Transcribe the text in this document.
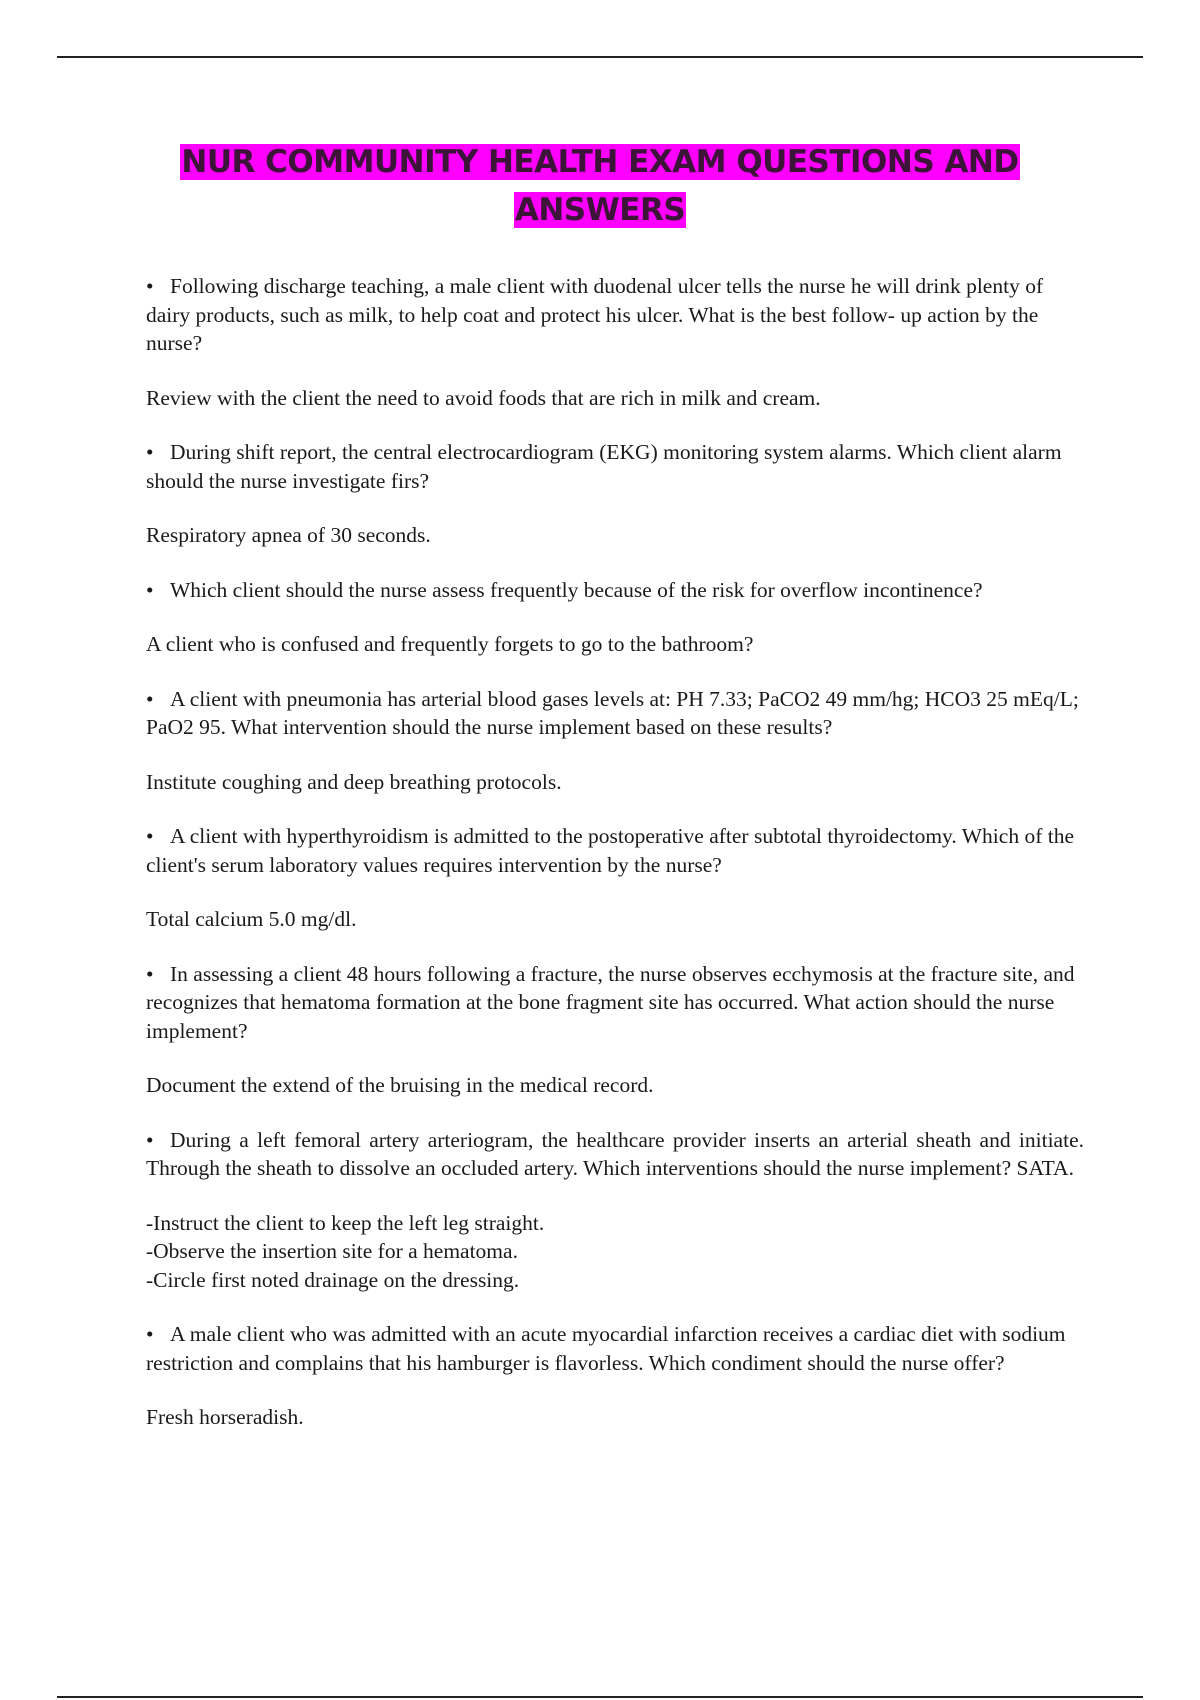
NUR COMMUNITY HEALTH EXAM QUESTIONS AND
ANSWERS

• Following discharge teaching, a male client with duodenal ulcer tells the nurse he will drink plenty of dairy products, such as milk, to help coat and protect his ulcer. What is the best follow- up action by the nurse?

Review with the client the need to avoid foods that are rich in milk and cream.

• During shift report, the central electrocardiogram (EKG) monitoring system alarms. Which client alarm should the nurse investigate firs?

Respiratory apnea of 30 seconds.

• Which client should the nurse assess frequently because of the risk for overflow incontinence?

A client who is confused and frequently forgets to go to the bathroom?

• A client with pneumonia has arterial blood gases levels at: PH 7.33; PaCO2 49 mm/hg; HCO3 25 mEq/L; PaO2 95. What intervention should the nurse implement based on these results?

Institute coughing and deep breathing protocols.

• A client with hyperthyroidism is admitted to the postoperative after subtotal thyroidectomy. Which of the client's serum laboratory values requires intervention by the nurse?

Total calcium 5.0 mg/dl.

• In assessing a client 48 hours following a fracture, the nurse observes ecchymosis at the fracture site, and recognizes that hematoma formation at the bone fragment site has occurred. What action should the nurse implement?

Document the extend of the bruising in the medical record.

• During a left femoral artery arteriogram, the healthcare provider inserts an arterial sheath and initiate. Through the sheath to dissolve an occluded artery. Which interventions should the nurse implement? SATA.

-Instruct the client to keep the left leg straight.
-Observe the insertion site for a hematoma.
-Circle first noted drainage on the dressing.

• A male client who was admitted with an acute myocardial infarction receives a cardiac diet with sodium restriction and complains that his hamburger is flavorless. Which condiment should the nurse offer?

Fresh horseradish.
